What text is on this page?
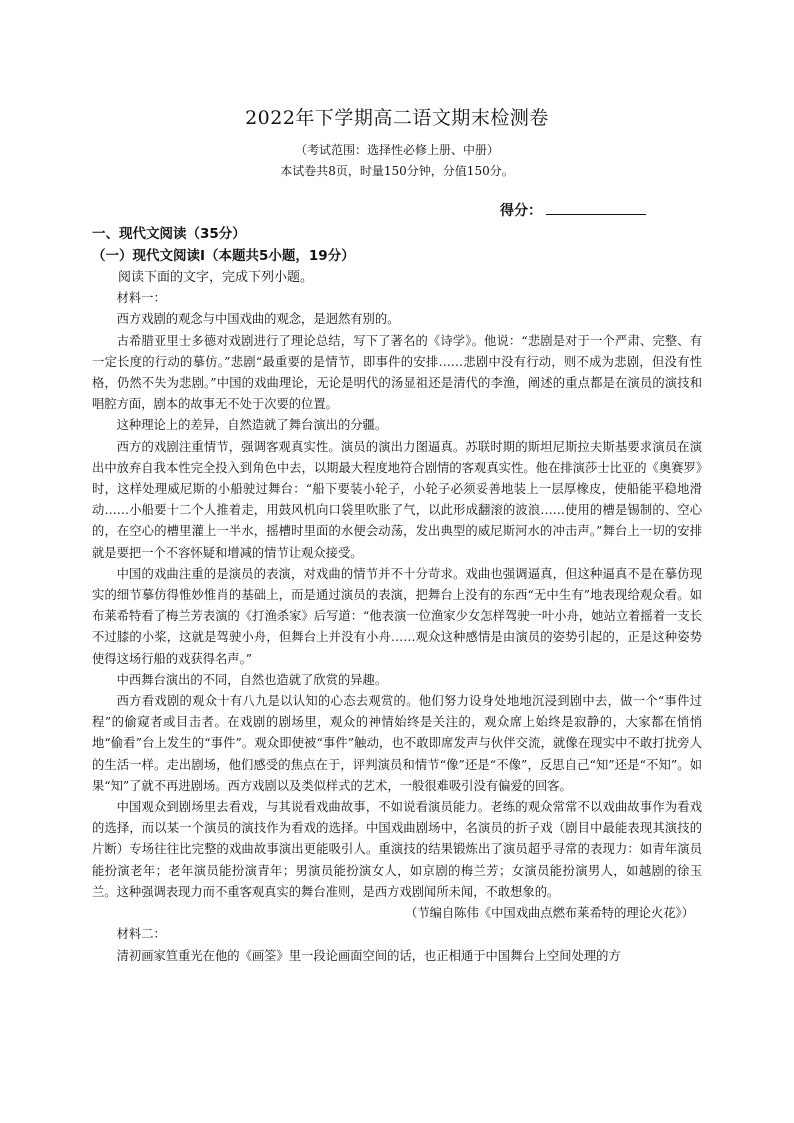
2022年下学期高二语文期末检测卷
（考试范围：选择性必修上册、中册）
本试卷共8页，时量150分钟，分值150分。
得分：
一、现代文阅读（35分）
（一）现代文阅读Ⅰ（本题共5小题，19分）

阅读下面的文字，完成下列小题。

材料一：

西方戏剧的观念与中国戏曲的观念，是迥然有别的。

古希腊亚里士多德对戏剧进行了理论总结，写下了著名的《诗学》。他说：“悲剧是对于一个严肃、完整、有一定长度的行动的摹仿。”悲剧“最重要的是情节，即事件的安排……悲剧中没有行动，则不成为悲剧，但没有性格，仍然不失为悲剧。”中国的戏曲理论，无论是明代的汤显祖还是清代的李渔，阐述的重点都是在演员的演技和唱腔方面，剧本的故事无不处于次要的位置。

这种理论上的差异，自然造就了舞台演出的分疆。

西方的戏剧注重情节，强调客观真实性。演员的演出力图逼真。苏联时期的斯坦尼斯拉夫斯基要求演员在演出中放弃自我本性完全投入到角色中去，以期最大程度地符合剧情的客观真实性。他在排演莎士比亚的《奥赛罗》时，这样处理威尼斯的小船驶过舞台：“船下要装小轮子，小轮子必须妥善地装上一层厚橡皮，使船能平稳地滑动……小船要十二个人推着走，用鼓风机向口袋里吹胀了气，以此形成翻滚的波浪……使用的槽是锡制的、空心的，在空心的槽里灌上一半水，摇槽时里面的水便会动荡，发出典型的威尼斯河水的冲击声。”舞台上一切的安排就是要把一个不容怀疑和增减的情节让观众接受。

中国的戏曲注重的是演员的表演，对戏曲的情节并不十分苛求。戏曲也强调逼真，但这种逼真不是在摹仿现实的细节摹仿得惟妙惟肖的基础上，而是通过演员的表演，把舞台上没有的东西“无中生有”地表现给观众看。如布莱希特看了梅兰芳表演的《打渔杀家》后写道：“他表演一位渔家少女怎样驾驶一叶小舟，她站立着摇着一支长不过膝的小桨，这就是驾驶小舟，但舞台上并没有小舟……观众这种感情是由演员的姿势引起的，正是这种姿势使得这场行船的戏获得名声。”

中西舞台演出的不同，自然也造就了欣赏的异趣。

西方看戏剧的观众十有八九是以认知的心态去观赏的。他们努力设身处地地沉浸到剧中去，做一个“事件过程”的偷窥者或目击者。在戏剧的剧场里，观众的神情始终是关注的，观众席上始终是寂静的，大家都在悄悄地“偷看”台上发生的“事件”。观众即使被“事件”触动，也不敢即席发声与伙伴交流，就像在现实中不敢打扰旁人的生活一样。走出剧场，他们感受的焦点在于，评判演员和情节“像”还是“不像”，反思自己“知”还是“不知”。如果“知”了就不再进剧场。西方戏剧以及类似样式的艺术，一般很难吸引没有偏爱的回客。

中国观众到剧场里去看戏，与其说看戏曲故事，不如说看演员能力。老练的观众常常不以戏曲故事作为看戏的选择，而以某一个演员的演技作为看戏的选择。中国戏曲剧场中，名演员的折子戏（剧目中最能表现其演技的片断）专场往往比完整的戏曲故事演出更能吸引人。重演技的结果锻炼出了演员超乎寻常的表现力：如青年演员能扮演老年；老年演员能扮演青年；男演员能扮演女人，如京剧的梅兰芳；女演员能扮演男人，如越剧的徐玉兰。这种强调表现力而不重客观真实的舞台准则，是西方戏剧闻所未闻，不敢想象的。

（节编自陈伟《中国戏曲点燃布莱希特的理论火花》）

材料二：

清初画家笪重光在他的《画筌》里一段论画面空间的话，也正相通于中国舞台上空间处理的方
